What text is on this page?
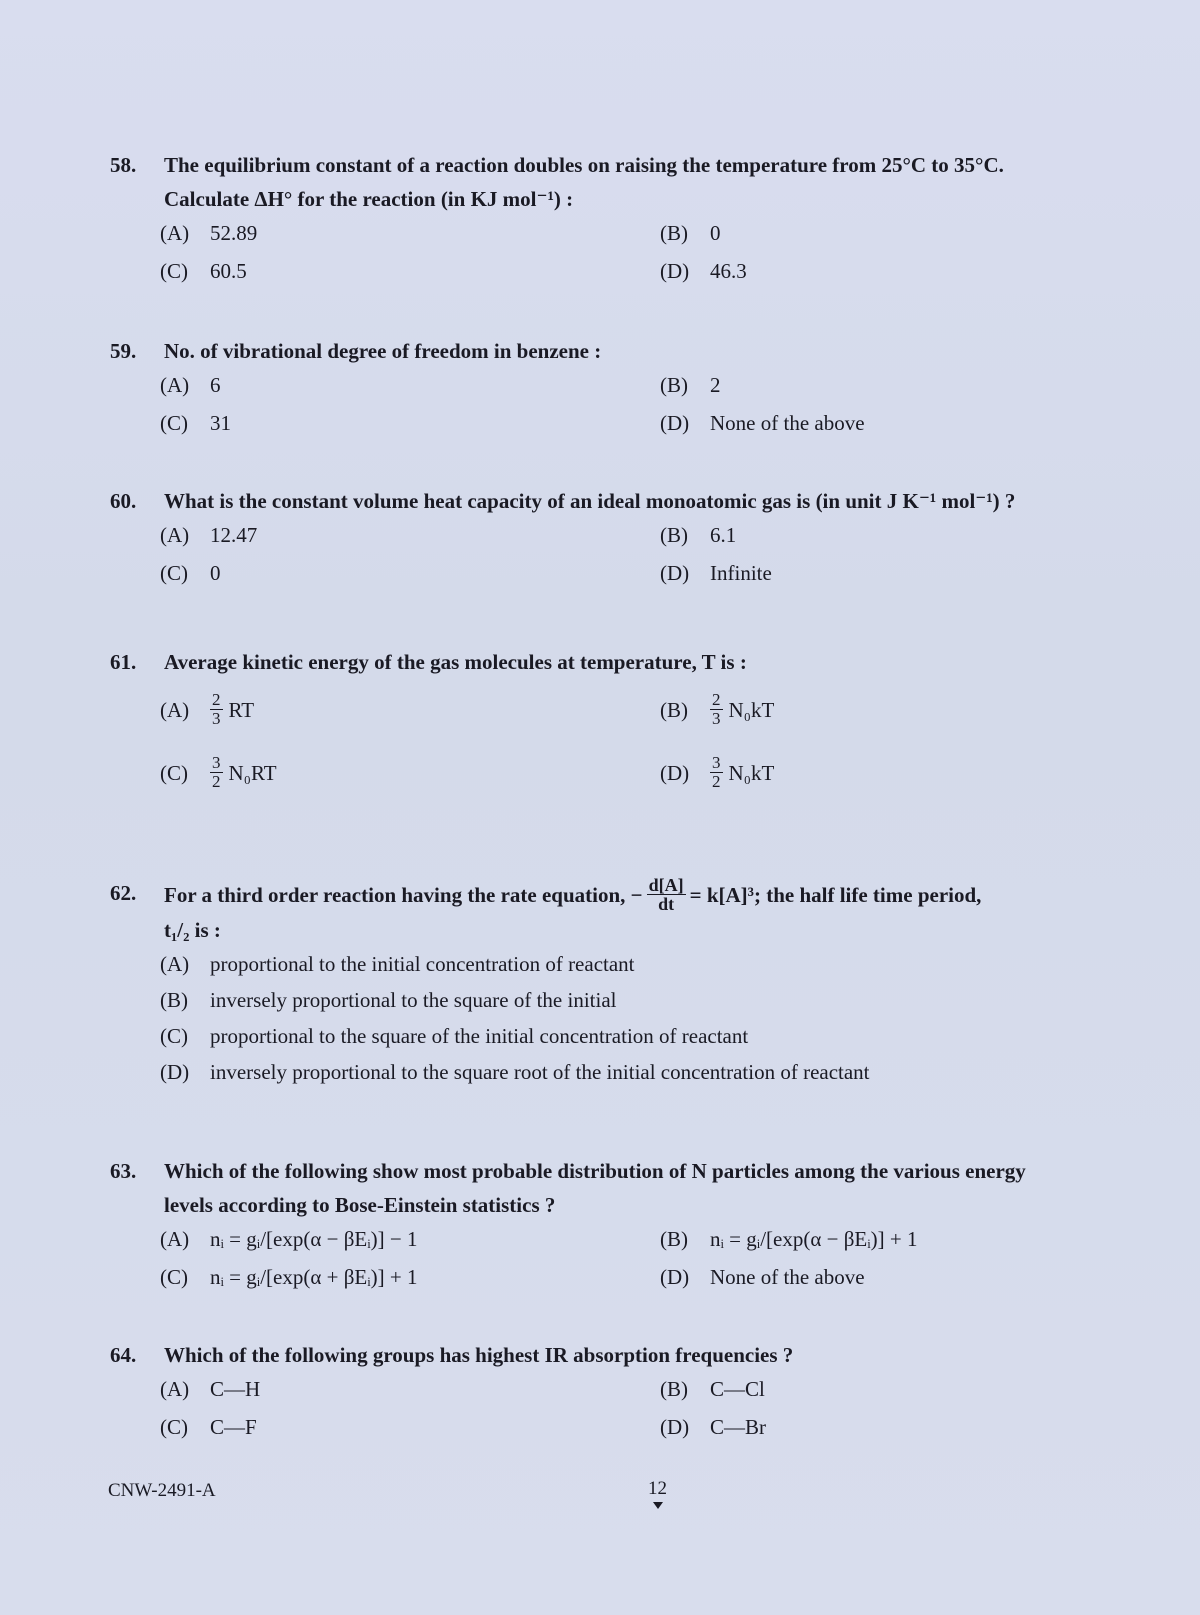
58.	The equilibrium constant of a reaction doubles on raising the temperature from 25°C to 35°C.
Calculate ΔH° for the reaction (in KJ mol⁻¹) :
(A) 52.89	(B)	0
(C)	60.5	(D) 46.3
59.	No. of vibrational degree of freedom in benzene :
(A) 6	(B)	2
(C)	31	(D) None of the above
60.	What is the constant volume heat capacity of an ideal monoatomic gas is (in unit J K⁻¹ mol⁻¹) ?
(A) 12.47	(B)	6.1
(C)	0	(D) Infinite
61.	Average kinetic energy of the gas molecules at temperature, T is :
(A)	$\frac{2}{3}$ RT	(B)	$\frac{2}{3} N_0kT$
(C)	$\frac{3}{2} N_0RT$	(D)	$\frac{3}{2} N_0kT$
62.	For a third order reaction having the rate equation, − $\frac{d[A]}{dt} = k[A]^3$; the half life time period,
t₁/₂ is :
(A) proportional to the initial concentration of reactant
(B)	inversely proportional to the square of the initial
(C)	proportional to the square of the initial concentration of reactant
(D) inversely proportional to the square root of the initial concentration of reactant
63.	Which of the following show most probable distribution of N particles among the various energy
levels according to Bose-Einstein statistics ?
(A) nᵢ = gᵢ/[exp(α − βEᵢ)] − 1	(B)	nᵢ = gᵢ/[exp(α − βEᵢ)] + 1
(C)	nᵢ = gᵢ/[exp(α + βEᵢ)] + 1	(D) None of the above
64.	Which of the following groups has highest IR absorption frequencies ?
(A) C—H	(B)	C—Cl
(C)	C—F	(D) C—Br
CNW-2491-A	12
